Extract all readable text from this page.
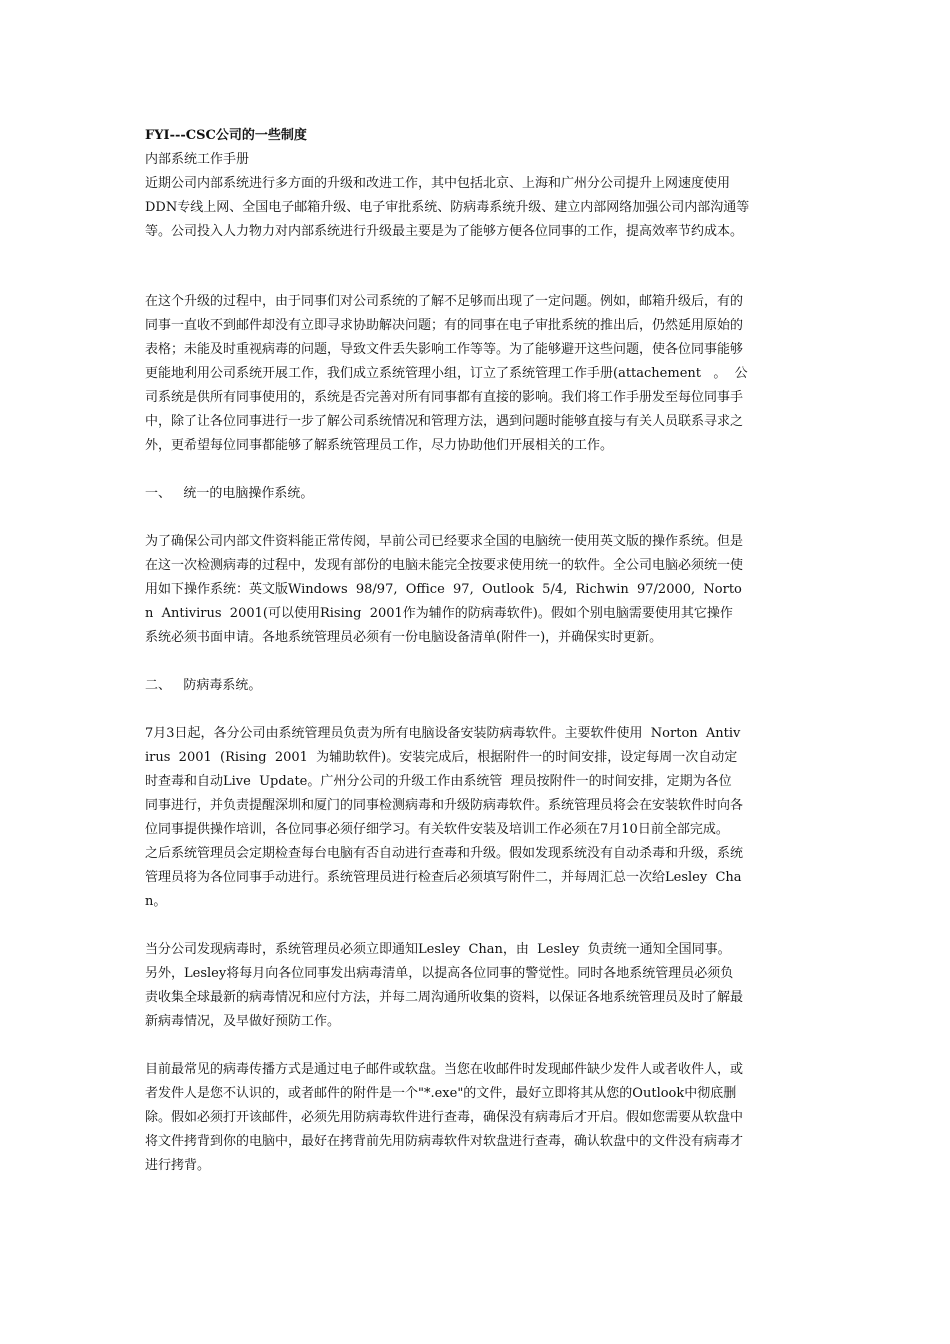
FYI---CSC公司的一些制度

内部系统工作手册

近期公司内部系统进行多方面的升级和改进工作，其中包括北京、上海和广州分公司提升上网速度使用
DDN专线上网、全国电子邮箱升级、电子审批系统、防病毒系统升级、建立内部网络加强公司内部沟通等
等。公司投入人力物力对内部系统进行升级最主要是为了能够方便各位同事的工作，提高效率节约成本。
在这个升级的过程中，由于同事们对公司系统的了解不足够而出现了一定问题。例如，邮箱升级后，有的
同事一直收不到邮件却没有立即寻求协助解决问题；有的同事在电子审批系统的推出后，仍然延用原始的
表格；未能及时重视病毒的问题，导致文件丢失影响工作等等。为了能够避开这些问题，使各位同事能够
更能地利用公司系统开展工作，我们成立系统管理小组，订立了系统管理工作手册(attachement   。  公
司系统是供所有同事使用的，系统是否完善对所有同事都有直接的影响。我们将工作手册发至每位同事手
中，除了让各位同事进行一步了解公司系统情况和管理方法，遇到问题时能够直接与有关人员联系寻求之
外，更希望每位同事都能够了解系统管理员工作，尽力协助他们开展相关的工作。

一、   统一的电脑操作系统。

为了确保公司内部文件资料能正常传阅，早前公司已经要求全国的电脑统一使用英文版的操作系统。但是
在这一次检测病毒的过程中，发现有部份的电脑未能完全按要求使用统一的软件。全公司电脑必须统一使
用如下操作系统：英文版Windows  98/97,  Office  97,  Outlook  5/4,  Richwin  97/2000,  Norto
n  Antivirus  2001(可以使用Rising  2001作为辅作的防病毒软件)。假如个别电脑需要使用其它操作
系统必须书面申请。各地系统管理员必须有一份电脑设备清单(附件一)，并确保实时更新。

二、   防病毒系统。

7月3日起，各分公司由系统管理员负责为所有电脑设备安装防病毒软件。主要软件使用  Norton  Antiv
irus  2001  (Rising  2001  为辅助软件)。安装完成后，根据附件一的时间安排，设定每周一次自动定
时查毒和自动Live  Update。广州分公司的升级工作由系统管  理员按附件一的时间安排，定期为各位
同事进行，并负责提醒深圳和厦门的同事检测病毒和升级防病毒软件。系统管理员将会在安装软件时向各
位同事提供操作培训，各位同事必须仔细学习。有关软件安装及培训工作必须在7月10日前全部完成。
之后系统管理员会定期检查每台电脑有否自动进行查毒和升级。假如发现系统没有自动杀毒和升级，系统
管理员将为各位同事手动进行。系统管理员进行检查后必须填写附件二，并每周汇总一次给Lesley  Cha
n。
当分公司发现病毒时，系统管理员必须立即通知Lesley  Chan，由  Lesley  负责统一通知全国同事。
另外，Lesley将每月向各位同事发出病毒清单，以提高各位同事的警觉性。同时各地系统管理员必须负
责收集全球最新的病毒情况和应付方法，并每二周沟通所收集的资料，以保证各地系统管理员及时了解最
新病毒情况，及早做好预防工作。
目前最常见的病毒传播方式是通过电子邮件或软盘。当您在收邮件时发现邮件缺少发件人或者收件人，或
者发件人是您不认识的，或者邮件的附件是一个"*.exe"的文件，最好立即将其从您的Outlook中彻底删
除。假如必须打开该邮件，必须先用防病毒软件进行查毒，确保没有病毒后才开启。假如您需要从软盘中
将文件拷背到你的电脑中，最好在拷背前先用防病毒软件对软盘进行查毒，确认软盘中的文件没有病毒才
进行拷背。
